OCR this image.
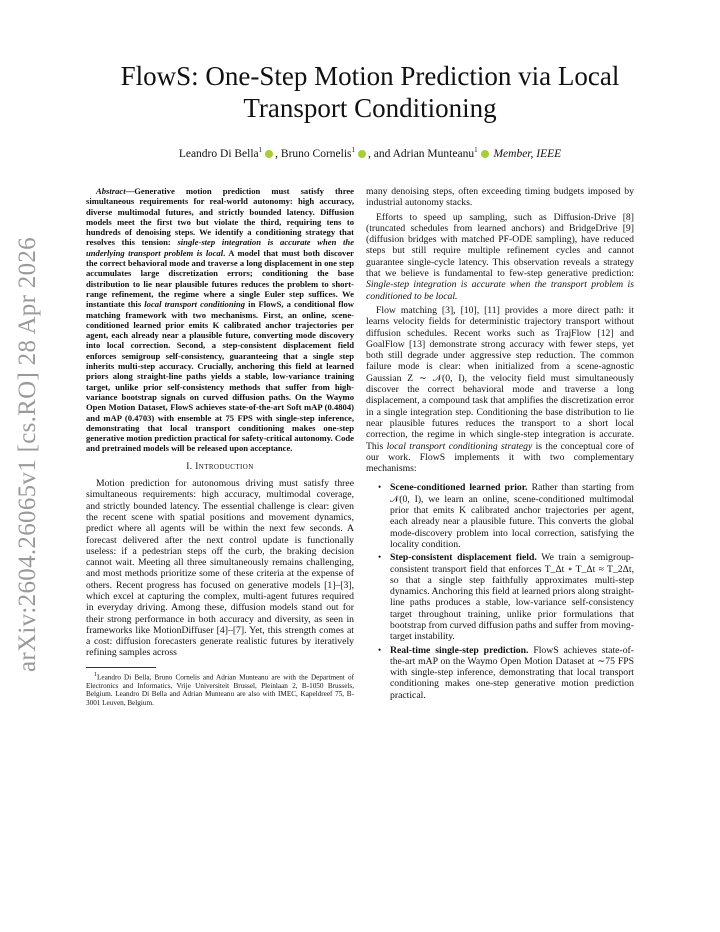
arXiv:2604.26065v1 [cs.RO] 28 Apr 2026
FlowS: One-Step Motion Prediction via Local Transport Conditioning
Leandro Di Bella$^1$ , Bruno Cornelis$^1$ , and Adrian Munteanu$^1$ Member, IEEE

Abstract—Generative motion prediction must satisfy three simultaneous requirements for real-world autonomy: high accuracy, diverse multimodal futures, and strictly bounded latency. Diffusion models meet the first two but violate the third, requiring tens to hundreds of denoising steps. We identify a conditioning strategy that resolves this tension: single-step integration is accurate when the underlying transport problem is local. A model that must both discover the correct behavioral mode and traverse a long displacement in one step accumulates large discretization errors; conditioning the base distribution to lie near plausible futures reduces the problem to short-range refinement, the regime where a single Euler step suffices. We instantiate this local transport conditioning in FlowS, a conditional flow matching framework with two mechanisms. First, an online, scene-conditioned learned prior emits K calibrated anchor trajectories per agent, each already near a plausible future, converting mode discovery into local correction. Second, a step-consistent displacement field enforces semigroup self-consistency, guaranteeing that a single step inherits multi-step accuracy. Crucially, anchoring this field at learned priors along straight-line paths yields a stable, low-variance training target, unlike prior self-consistency methods that suffer from high-variance bootstrap signals on curved diffusion paths. On the Waymo Open Motion Dataset, FlowS achieves state-of-the-art Soft mAP (0.4804) and mAP (0.4703) with ensemble at 75 FPS with single-step inference, demonstrating that local transport conditioning makes one-step generative motion prediction practical for safety-critical autonomy. Code and pretrained models will be released upon acceptance.

I. Introduction

Motion prediction for autonomous driving must satisfy three simultaneous requirements: high accuracy, multimodal coverage, and strictly bounded latency. The essential challenge is clear: given the recent scene with spatial positions and movement dynamics, predict where all agents will be within the next few seconds. A forecast delivered after the next control update is functionally useless: if a pedestrian steps off the curb, the braking decision cannot wait. Meeting all three simultaneously remains challenging, and most methods prioritize some of these criteria at the expense of others. Recent progress has focused on generative models [1]–[3], which excel at capturing the complex, multi-agent futures required in everyday driving. Among these, diffusion models stand out for their strong performance in both accuracy and diversity, as seen in frameworks like MotionDiffuser [4]–[7]. Yet, this strength comes at a cost: diffusion forecasters generate realistic futures by iteratively refining samples across

$^1$Leandro Di Bella, Bruno Cornelis and Adrian Munteanu are with the Department of Electronics and Informatics, Vrije Universiteit Brussel, Pleinlaan 2, B-1050 Brussels, Belgium. Leandro Di Bella and Adrian Munteanu are also with IMEC, Kapeldreef 75, B-3001 Leuven, Belgium.

many denoising steps, often exceeding timing budgets imposed by industrial autonomy stacks.

Efforts to speed up sampling, such as Diffusion-Drive [8] (truncated schedules from learned anchors) and BridgeDrive [9] (diffusion bridges with matched PF-ODE sampling), have reduced steps but still require multiple refinement cycles and cannot guarantee single-cycle latency. This observation reveals a strategy that we believe is fundamental to few-step generative prediction: Single-step integration is accurate when the transport problem is conditioned to be local.

Flow matching [3], [10], [11] provides a more direct path: it learns velocity fields for deterministic trajectory transport without diffusion schedules. Recent works such as TrajFlow [12] and GoalFlow [13] demonstrate strong accuracy with fewer steps, yet both still degrade under aggressive step reduction. The common failure mode is clear: when initialized from a scene-agnostic Gaussian Z ∼ 𝒩(0, I), the velocity field must simultaneously discover the correct behavioral mode and traverse a long displacement, a compound task that amplifies the discretization error in a single integration step. Conditioning the base distribution to lie near plausible futures reduces the transport to a short local correction, the regime in which single-step integration is accurate. This local transport conditioning strategy is the conceptual core of our work. FlowS implements it with two complementary mechanisms:

• Scene-conditioned learned prior. Rather than starting from 𝒩(0, I), we learn an online, scene-conditioned multimodal prior that emits K calibrated anchor trajectories per agent, each already near a plausible future. This converts the global mode-discovery problem into local correction, satisfying the locality condition.
• Step-consistent displacement field. We train a semigroup-consistent transport field that enforces T_Δt ∘ T_Δt ≈ T_2Δt, so that a single step faithfully approximates multi-step dynamics. Anchoring this field at learned priors along straight-line paths produces a stable, low-variance self-consistency target throughout training, unlike prior formulations that bootstrap from curved diffusion paths and suffer from moving-target instability.
• Real-time single-step prediction. FlowS achieves state-of-the-art mAP on the Waymo Open Motion Dataset at ∼75 FPS with single-step inference, demonstrating that local transport conditioning makes one-step generative motion prediction practical.
